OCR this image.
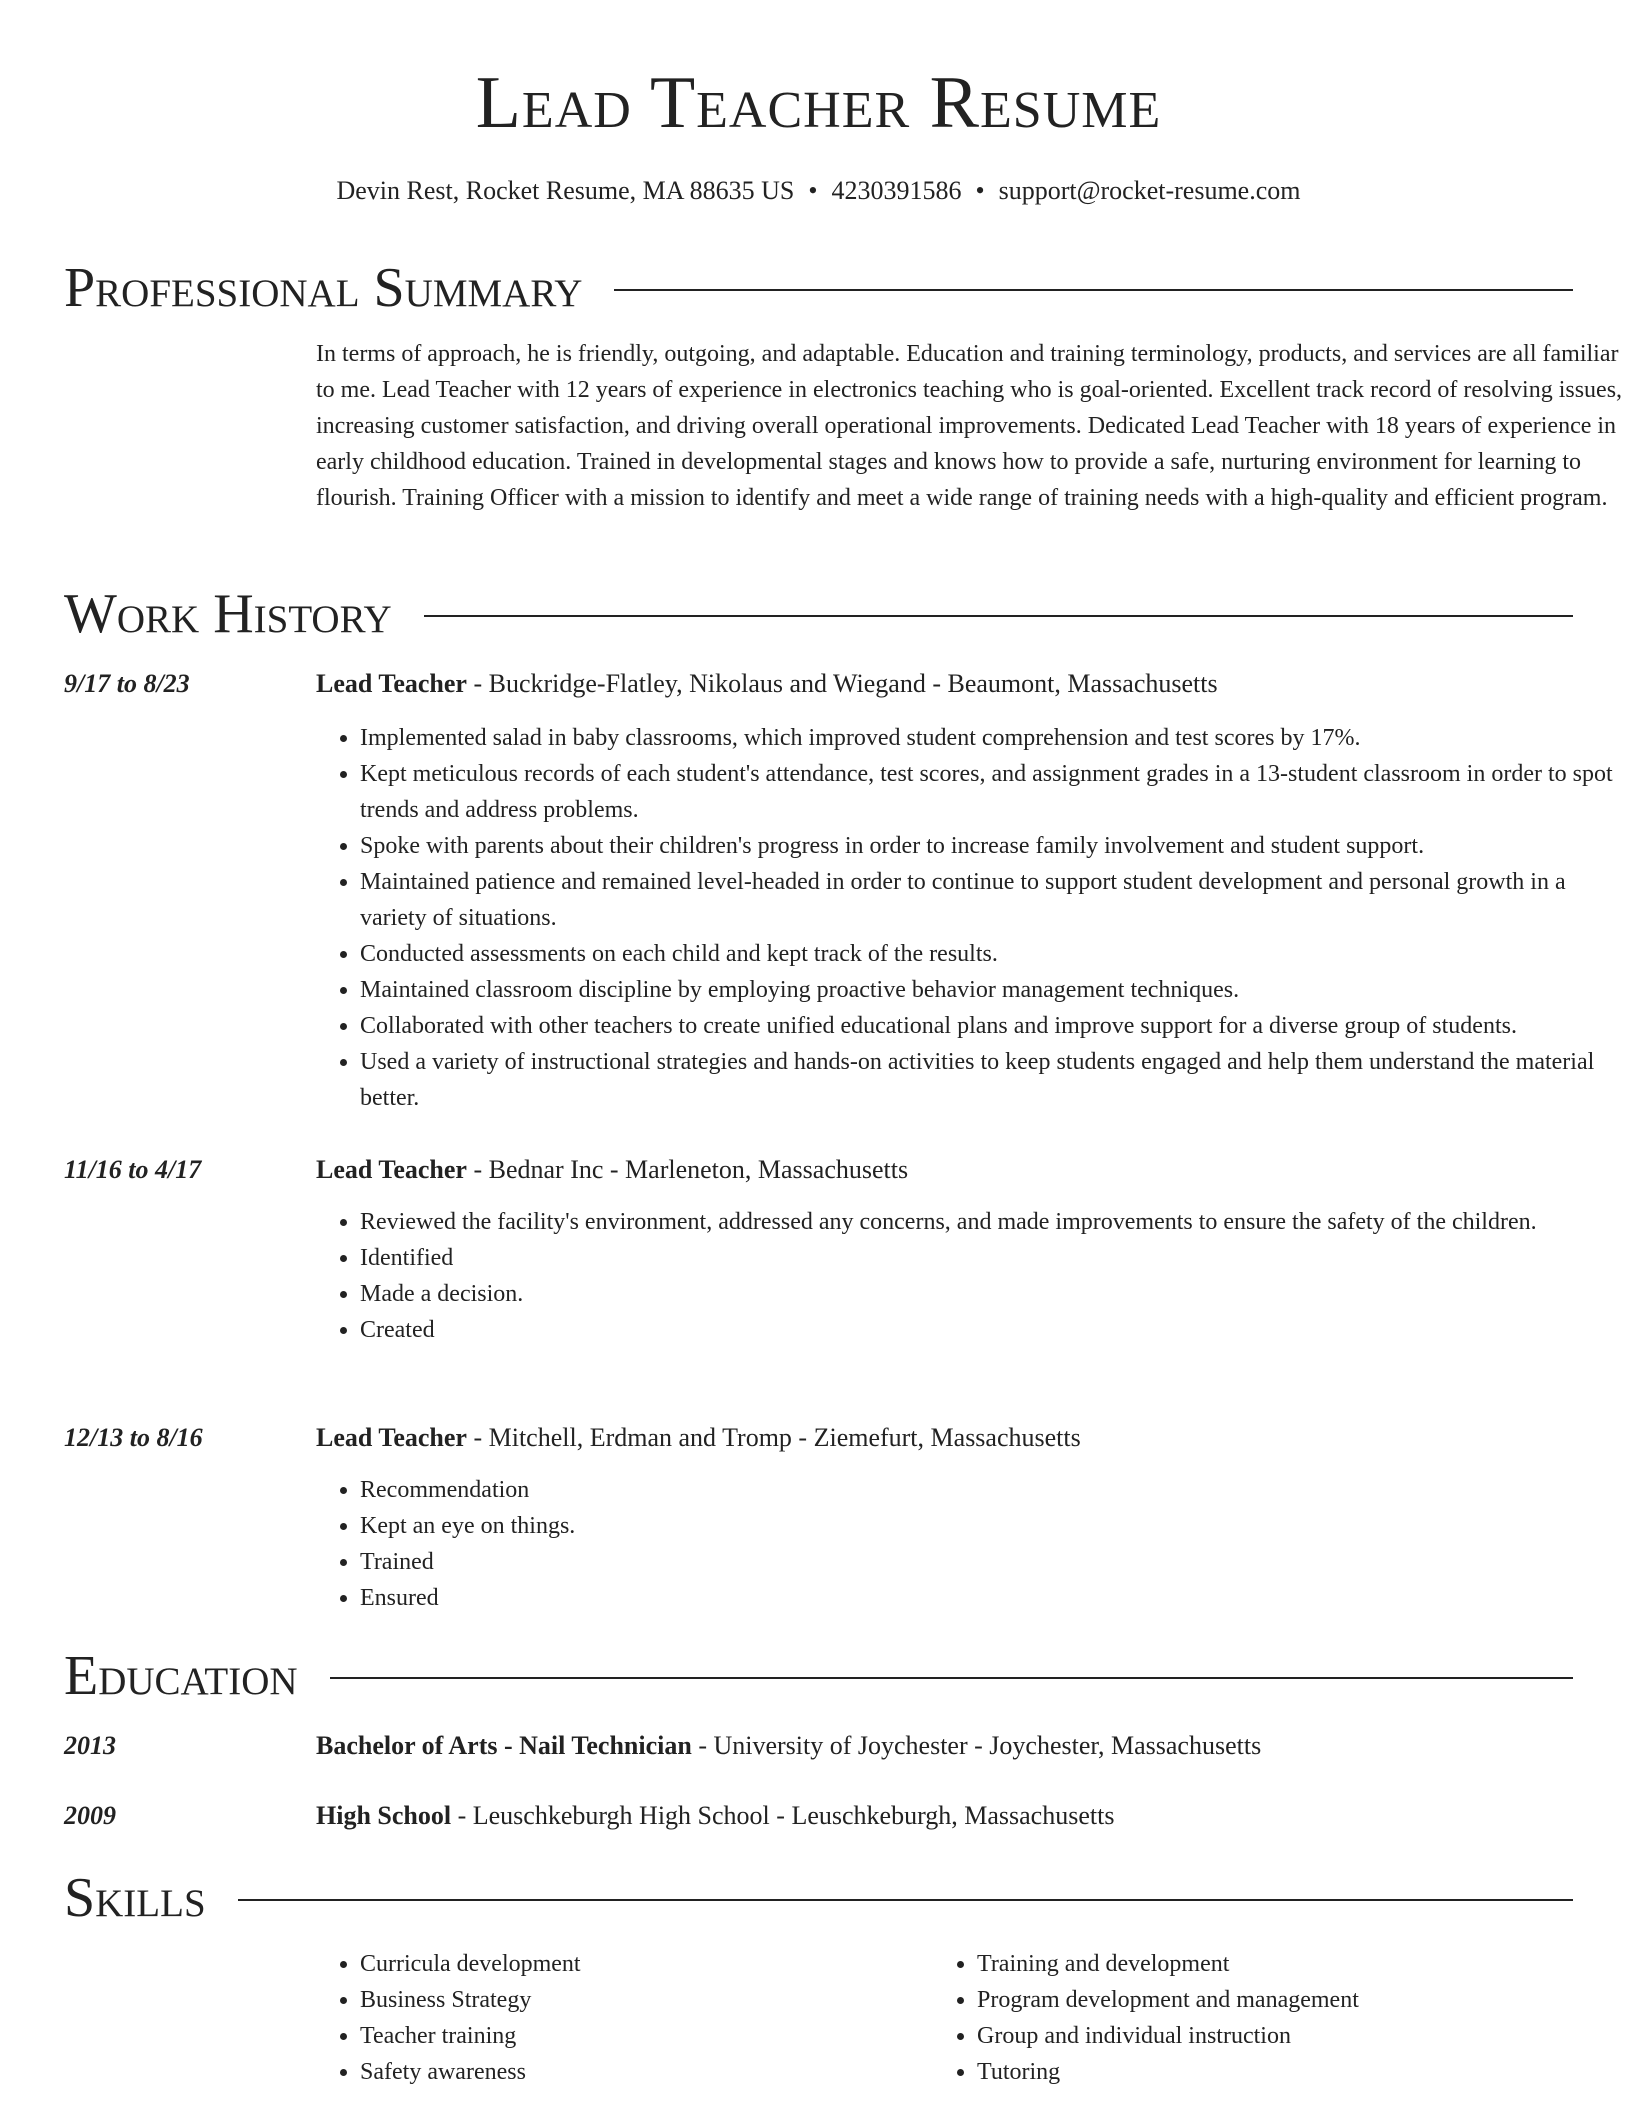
Lead Teacher Resume
Devin Rest, Rocket Resume, MA 88635 US • 4230391586 • support@rocket-resume.com
Professional Summary
In terms of approach, he is friendly, outgoing, and adaptable. Education and training terminology, products, and services are all familiar to me. Lead Teacher with 12 years of experience in electronics teaching who is goal-oriented. Excellent track record of resolving issues, increasing customer satisfaction, and driving overall operational improvements. Dedicated Lead Teacher with 18 years of experience in early childhood education. Trained in developmental stages and knows how to provide a safe, nurturing environment for learning to flourish. Training Officer with a mission to identify and meet a wide range of training needs with a high-quality and efficient program.
Work History
9/17 to 8/23	Lead Teacher - Buckridge-Flatley, Nikolaus and Wiegand - Beaumont, Massachusetts
• Implemented salad in baby classrooms, which improved student comprehension and test scores by 17%.
• Kept meticulous records of each student's attendance, test scores, and assignment grades in a 13-student classroom in order to spot trends and address problems.
• Spoke with parents about their children's progress in order to increase family involvement and student support.
• Maintained patience and remained level-headed in order to continue to support student development and personal growth in a variety of situations.
• Conducted assessments on each child and kept track of the results.
• Maintained classroom discipline by employing proactive behavior management techniques.
• Collaborated with other teachers to create unified educational plans and improve support for a diverse group of students.
• Used a variety of instructional strategies and hands-on activities to keep students engaged and help them understand the material better.
11/16 to 4/17	Lead Teacher - Bednar Inc - Marleneton, Massachusetts
• Reviewed the facility's environment, addressed any concerns, and made improvements to ensure the safety of the children.
• Identified
• Made a decision.
• Created
12/13 to 8/16	Lead Teacher - Mitchell, Erdman and Tromp - Ziemefurt, Massachusetts
• Recommendation
• Kept an eye on things.
• Trained
• Ensured
Education
2013	Bachelor of Arts - Nail Technician - University of Joychester - Joychester, Massachusetts
2009	High School - Leuschkeburgh High School - Leuschkeburgh, Massachusetts
Skills
• Curricula development
• Business Strategy
• Teacher training
• Safety awareness
• Training and development
• Program development and management
• Group and individual instruction
• Tutoring
